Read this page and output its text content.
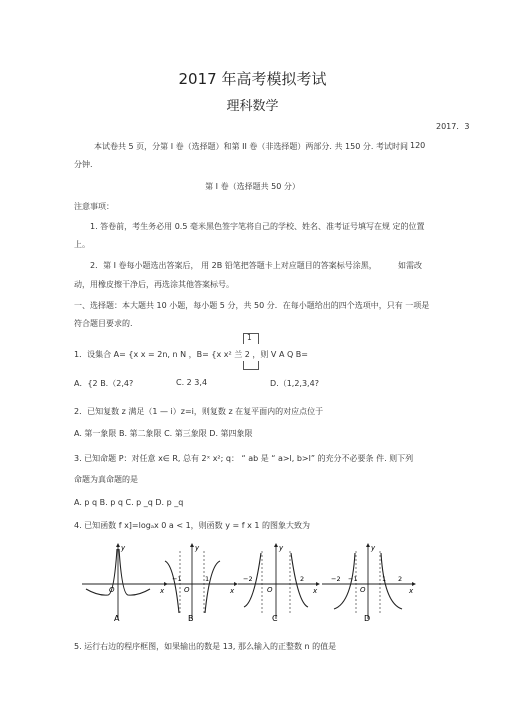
2017 年高考模拟考试
理科数学
2017．3
本试卷共 5 页，分第 I 卷（选择题）和第 II 卷（非选择题）两部分. 共 150 分. 考试时间 120
分钟.
第 I 卷（选择题共 50 分）
注意事项：
1. 答卷前，考生务必用 0.5 毫米黑色签字笔将自己的学校、姓名、准考证号填写在规 定的位置
上。
2．第 I 卷每小题选出答案后， 用 2B 铅笔把答题卡上对应题目的答案标号涂黑，	如需改
动，用橡皮擦干净后，再选涂其他答案标号。
一、选择题：本大题共 10 小题，每小题 5 分，共 50 分．在每小题给出的四个选项中，只有 一项是
符合题目要求的.
1
1．设集合 A= {x x = 2n, n N ，B= {x x² 兰 2 ，则 V A Q B=
A．{2 B.（2,4?	C. 2 3,4	D.（1,2,3,4?
2．已知复数 z 满足（1 — i）z=i，则复数 z 在复平面内的对应点位于
A. 第一象限 B. 第二象限 C. 第三象限 D. 第四象限
3. 已知命题 P：对任意 x∈ R, 总有 2ˣ x²; q： “ ab 是 “ a>l, b>l” 的充分不必要条 件. 则下列
命题为真命题的是
A. p q B. p q C. p _q D. p _q
4. 已知函数 f x]=logₐx 0 a < 1，则函数 y = f x 1 的图象大致为
O
y
x
A
−1
O
1
y
x
B
−2
O
2
y
x
C
−2 −1
O
1 2
y
x
D
5. 运行右边的程序框图，如果输出的数是 13, 那么输入的正整数 n 的值是
